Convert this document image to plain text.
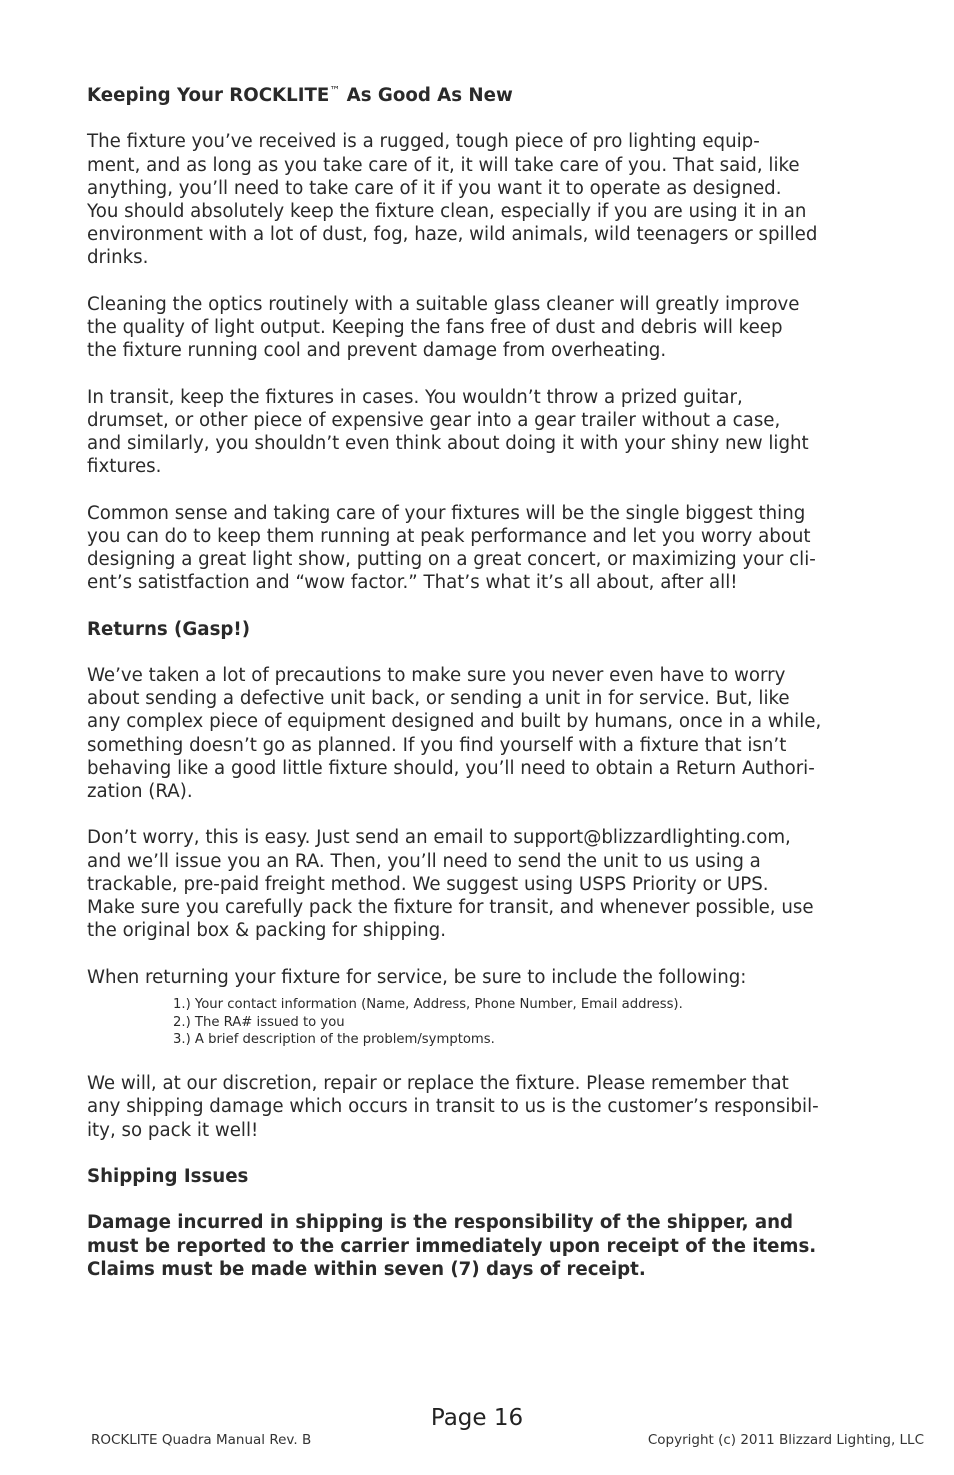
Keeping Your ROCKLITE™ As Good As New
The fixture you’ve received is a rugged, tough piece of pro lighting equip-
ment, and as long as you take care of it, it will take care of you. That said, like
anything, you’ll need to take care of it if you want it to operate as designed.
You should absolutely keep the fixture clean, especially if you are using it in an
environment with a lot of dust, fog, haze, wild animals, wild teenagers or spilled
drinks.
Cleaning the optics routinely with a suitable glass cleaner will greatly improve
the quality of light output. Keeping the fans free of dust and debris will keep
the fixture running cool and prevent damage from overheating.
In transit, keep the fixtures in cases. You wouldn’t throw a prized guitar,
drumset, or other piece of expensive gear into a gear trailer without a case,
and similarly, you shouldn’t even think about doing it with your shiny new light
fixtures.
Common sense and taking care of your fixtures will be the single biggest thing
you can do to keep them running at peak performance and let you worry about
designing a great light show, putting on a great concert, or maximizing your cli-
ent’s satistfaction and “wow factor.” That’s what it’s all about, after all!
Returns (Gasp!)
We’ve taken a lot of precautions to make sure you never even have to worry
about sending a defective unit back, or sending a unit in for service. But, like
any complex piece of equipment designed and built by humans, once in a while,
something doesn’t go as planned. If you find yourself with a fixture that isn’t
behaving like a good little fixture should, you’ll need to obtain a Return Authori-
zation (RA).
Don’t worry, this is easy. Just send an email to support@blizzardlighting.com,
and we’ll issue you an RA. Then, you’ll need to send the unit to us using a
trackable, pre-paid freight method. We suggest using USPS Priority or UPS.
Make sure you carefully pack the fixture for transit, and whenever possible, use
the original box & packing for shipping.
When returning your fixture for service, be sure to include the following:
1.) Your contact information (Name, Address, Phone Number, Email address).
2.) The RA# issued to you
3.) A brief description of the problem/symptoms.
We will, at our discretion, repair or replace the fixture. Please remember that
any shipping damage which occurs in transit to us is the customer’s responsibil-
ity, so pack it well!
Shipping Issues
Damage incurred in shipping is the responsibility of the shipper, and
must be reported to the carrier immediately upon receipt of the items.
Claims must be made within seven (7) days of receipt.
Page 16
ROCKLITE Quadra Manual Rev. B	Copyright (c) 2011 Blizzard Lighting, LLC
